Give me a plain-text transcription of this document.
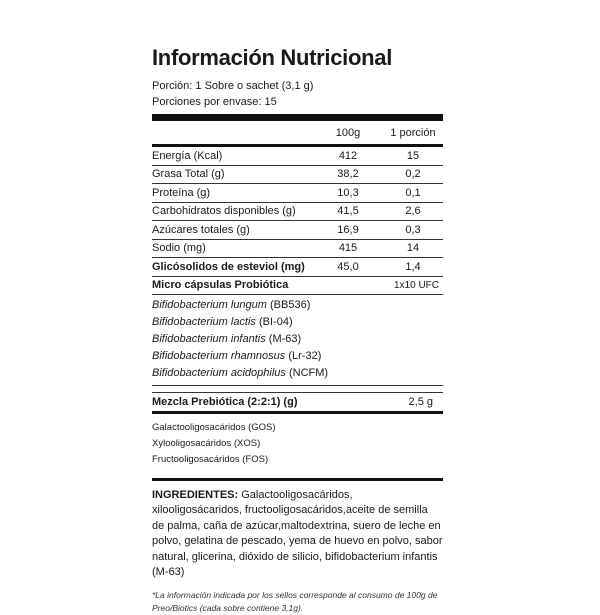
Información Nutricional
Porción: 1 Sobre o sachet (3,1 g)
Porciones por envase: 15
100g	1 porción
Energía (Kcal)	412	15
Grasa Total (g)	38,2	0,2
Proteína (g)	10,3	0,1
Carbohidratos disponibles (g)	41,5	2,6
Azúcares totales (g)	16,9	0,3
Sodio (mg)	415	14
Glicósolidos de esteviol (mg)	45,0	1,4
Micro cápsulas Probiótica	1x10 UFC
Bifidobacterium lungum (BB536)
Bifidobacterium lactis (BI-04)
Bifidobacterium infantis (M-63)
Bifidobacterium rhamnosus (Lr-32)
Bifidobacterium acidophilus (NCFM)
Mezcla Prebiótica (2:2:1) (g)	2,5 g
Galactooligosacáridos (GOS)
Xylooligosacáridos (XOS)
Fructooligosacáridos (FOS)
INGREDIENTES: Galactooligosacáridos, xilooligosácaridos, fructooligosacáridos,aceite de semilla de palma, caña de azúcar,maltodextrina, suero de leche en polvo, gelatina de pescado, yema de huevo en polvo, sabor natural, glicerina, dióxido de silicio, bifidobacterium infantis (M-63)
*La información indicada por los sellos corresponde al consumo de 100g de Preo/Biotics (cada sobre contiene 3,1g).
